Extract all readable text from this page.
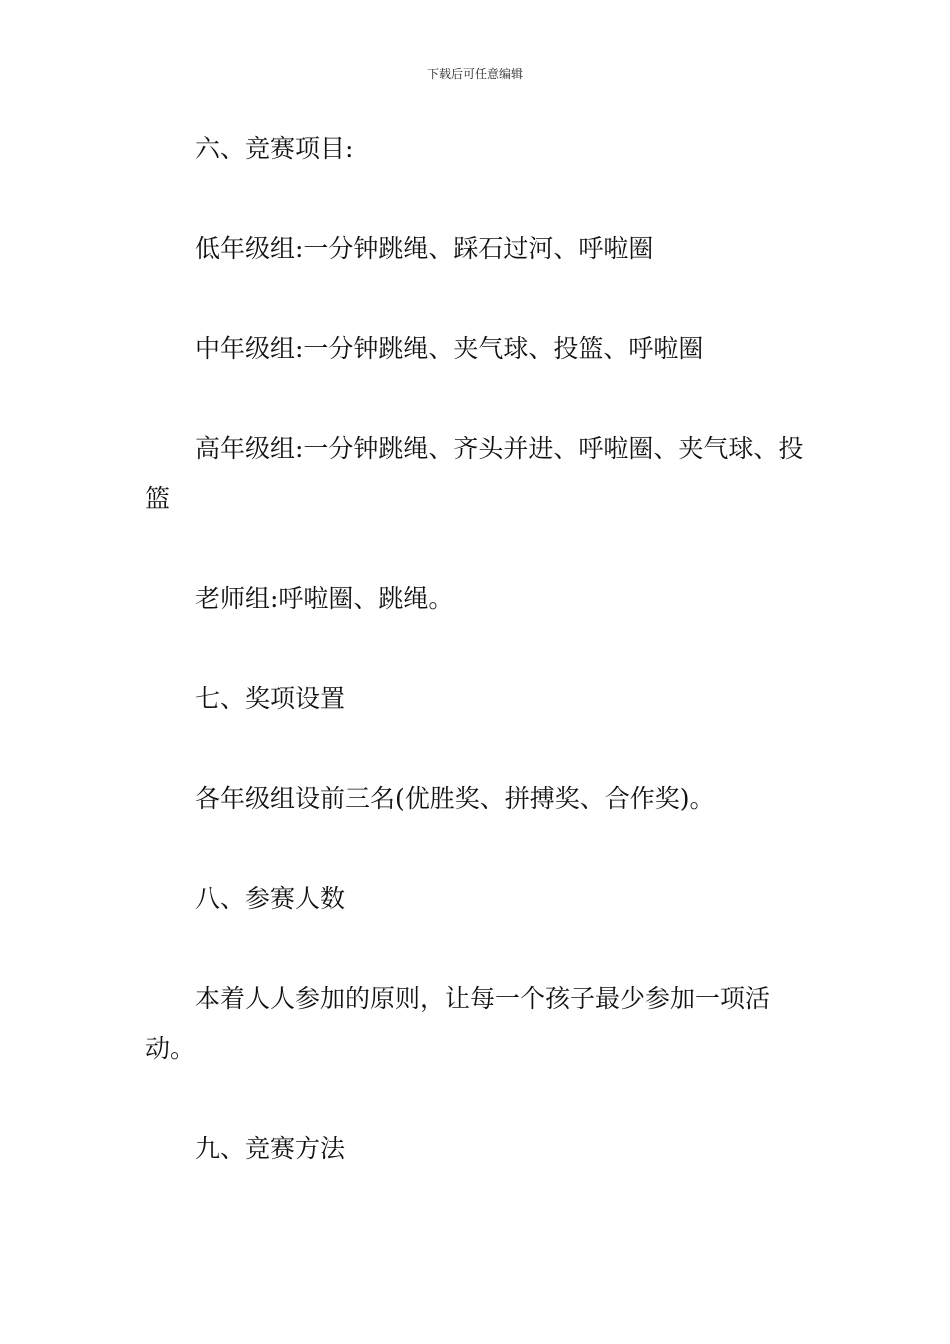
下载后可任意编辑

六、竞赛项目:

低年级组:一分钟跳绳、踩石过河、呼啦圈

中年级组:一分钟跳绳、夹气球、投篮、呼啦圈

高年级组:一分钟跳绳、齐头并进、呼啦圈、夹气球、投篮

老师组:呼啦圈、跳绳。

七、奖项设置

各年级组设前三名(优胜奖、拼搏奖、合作奖)。

八、参赛人数

本着人人参加的原则，让每一个孩子最少参加一项活动。

九、竞赛方法
